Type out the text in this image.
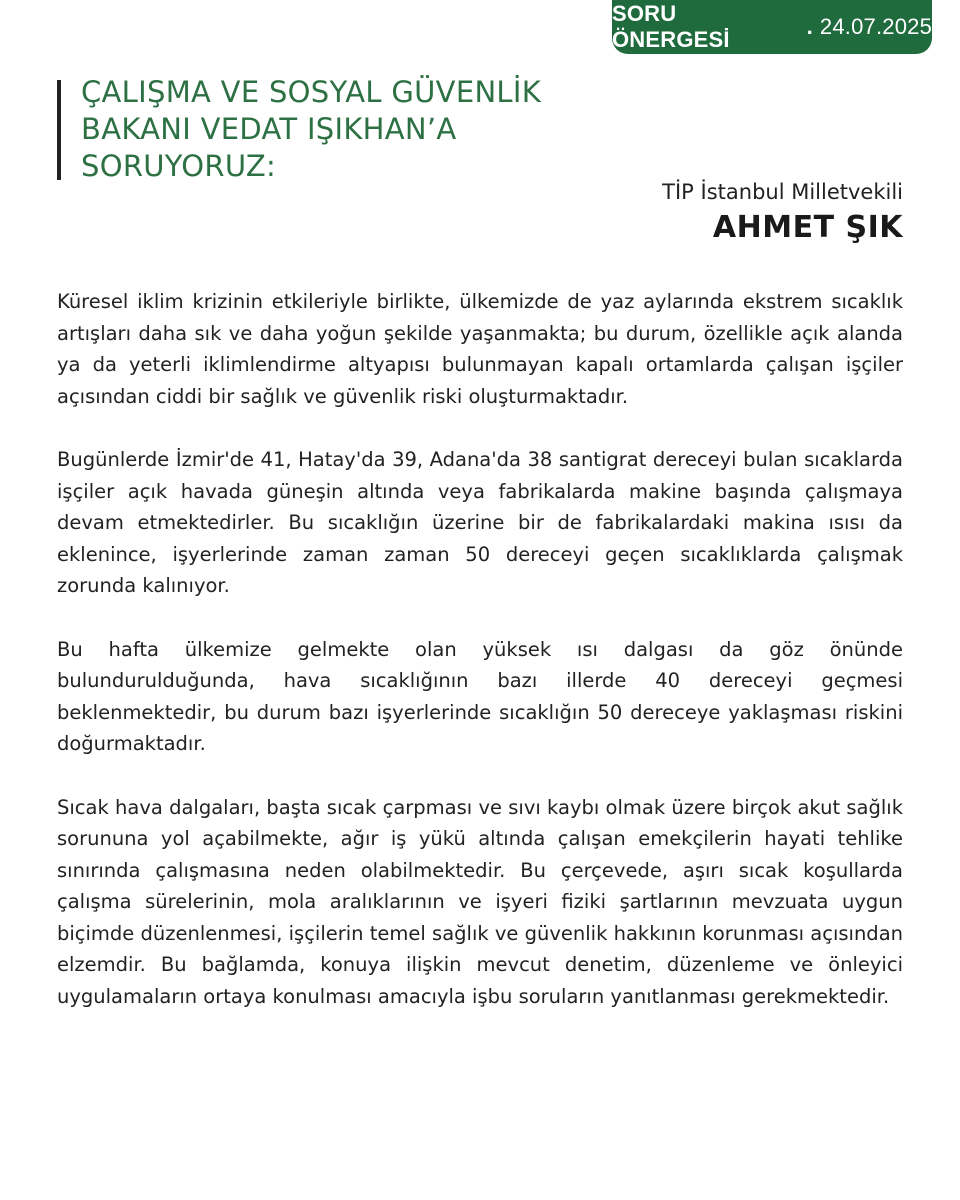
SORU ÖNERGESİ
. 24.07.2025
ÇALIŞMA VE SOSYAL GÜVENLİK
BAKANI VEDAT IŞIKHAN’A
SORUYORUZ:
TİP İstanbul Milletvekili
AHMET ŞIK

Küresel iklim krizinin etkileriyle birlikte, ülkemizde de yaz aylarında ekstrem sıcaklık artışları daha sık ve daha yoğun şekilde yaşanmakta; bu durum, özellikle açık alanda ya da yeterli iklimlendirme altyapısı bulunmayan kapalı ortamlarda çalışan işçiler açısından ciddi bir sağlık ve güvenlik riski oluşturmaktadır.

Bugünlerde İzmir'de 41, Hatay'da 39, Adana'da 38 santigrat dereceyi bulan sıcaklarda işçiler açık havada güneşin altında veya fabrikalarda makine başında çalışmaya devam etmektedirler. Bu sıcaklığın üzerine bir de fabrikalardaki makina ısısı da eklenince, işyerlerinde zaman zaman 50 dereceyi geçen sıcaklıklarda çalışmak zorunda kalınıyor.

Bu hafta ülkemize gelmekte olan yüksek ısı dalgası da göz önünde bulundurulduğunda, hava sıcaklığının bazı illerde 40 dereceyi geçmesi beklenmektedir, bu durum bazı işyerlerinde sıcaklığın 50 dereceye yaklaşması riskini doğurmaktadır.

Sıcak hava dalgaları, başta sıcak çarpması ve sıvı kaybı olmak üzere birçok akut sağlık sorununa yol açabilmekte, ağır iş yükü altında çalışan emekçilerin hayati tehlike sınırında çalışmasına neden olabilmektedir. Bu çerçevede, aşırı sıcak koşullarda çalışma sürelerinin, mola aralıklarının ve işyeri fiziki şartlarının mevzuata uygun biçimde düzenlenmesi, işçilerin temel sağlık ve güvenlik hakkının korunması açısından elzemdir. Bu bağlamda, konuya ilişkin mevcut denetim, düzenleme ve önleyici uygulamaların ortaya konulması amacıyla işbu soruların yanıtlanması gerekmektedir.
